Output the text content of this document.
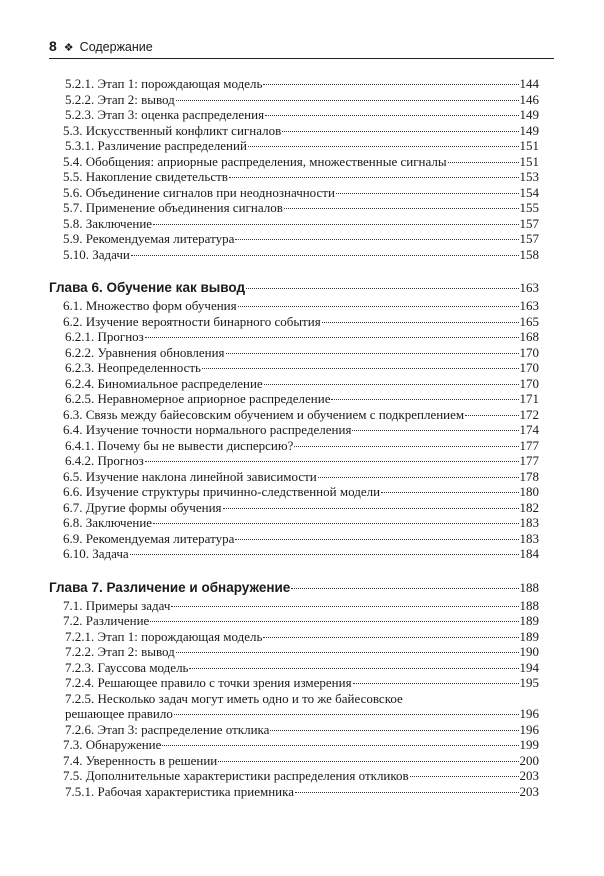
8 ❖ Содержание
5.2.1. Этап 1: порождающая модель	144
5.2.2. Этап 2: вывод	146
5.2.3. Этап 3: оценка распределения	149
5.3. Искусственный конфликт сигналов	149
5.3.1. Различение распределений	151
5.4. Обобщения: априорные распределения, множественные сигналы	151
5.5. Накопление свидетельств	153
5.6. Объединение сигналов при неоднозначности	154
5.7. Применение объединения сигналов	155
5.8. Заключение	157
5.9. Рекомендуемая литература	157
5.10. Задачи	158
Глава 6. Обучение как вывод	163
6.1. Множество форм обучения	163
6.2. Изучение вероятности бинарного события	165
6.2.1. Прогноз	168
6.2.2. Уравнения обновления	170
6.2.3. Неопределенность	170
6.2.4. Биномиальное распределение	170
6.2.5. Неравномерное априорное распределение	171
6.3. Связь между байесовским обучением и обучением с подкреплением	172
6.4. Изучение точности нормального распределения	174
6.4.1. Почему бы не вывести дисперсию?	177
6.4.2. Прогноз	177
6.5. Изучение наклона линейной зависимости	178
6.6. Изучение структуры причинно-следственной модели	180
6.7. Другие формы обучения	182
6.8. Заключение	183
6.9. Рекомендуемая литература	183
6.10. Задача	184
Глава 7. Различение и обнаружение	188
7.1. Примеры задач	188
7.2. Различение	189
7.2.1. Этап 1: порождающая модель	189
7.2.2. Этап 2: вывод	190
7.2.3. Гауссова модель	194
7.2.4. Решающее правило с точки зрения измерения	195
7.2.5. Несколько задач могут иметь одно и то же байесовское
решающее правило	196
7.2.6. Этап 3: распределение отклика	196
7.3. Обнаружение	199
7.4. Уверенность в решении	200
7.5. Дополнительные характеристики распределения откликов	203
7.5.1. Рабочая характеристика приемника	203
